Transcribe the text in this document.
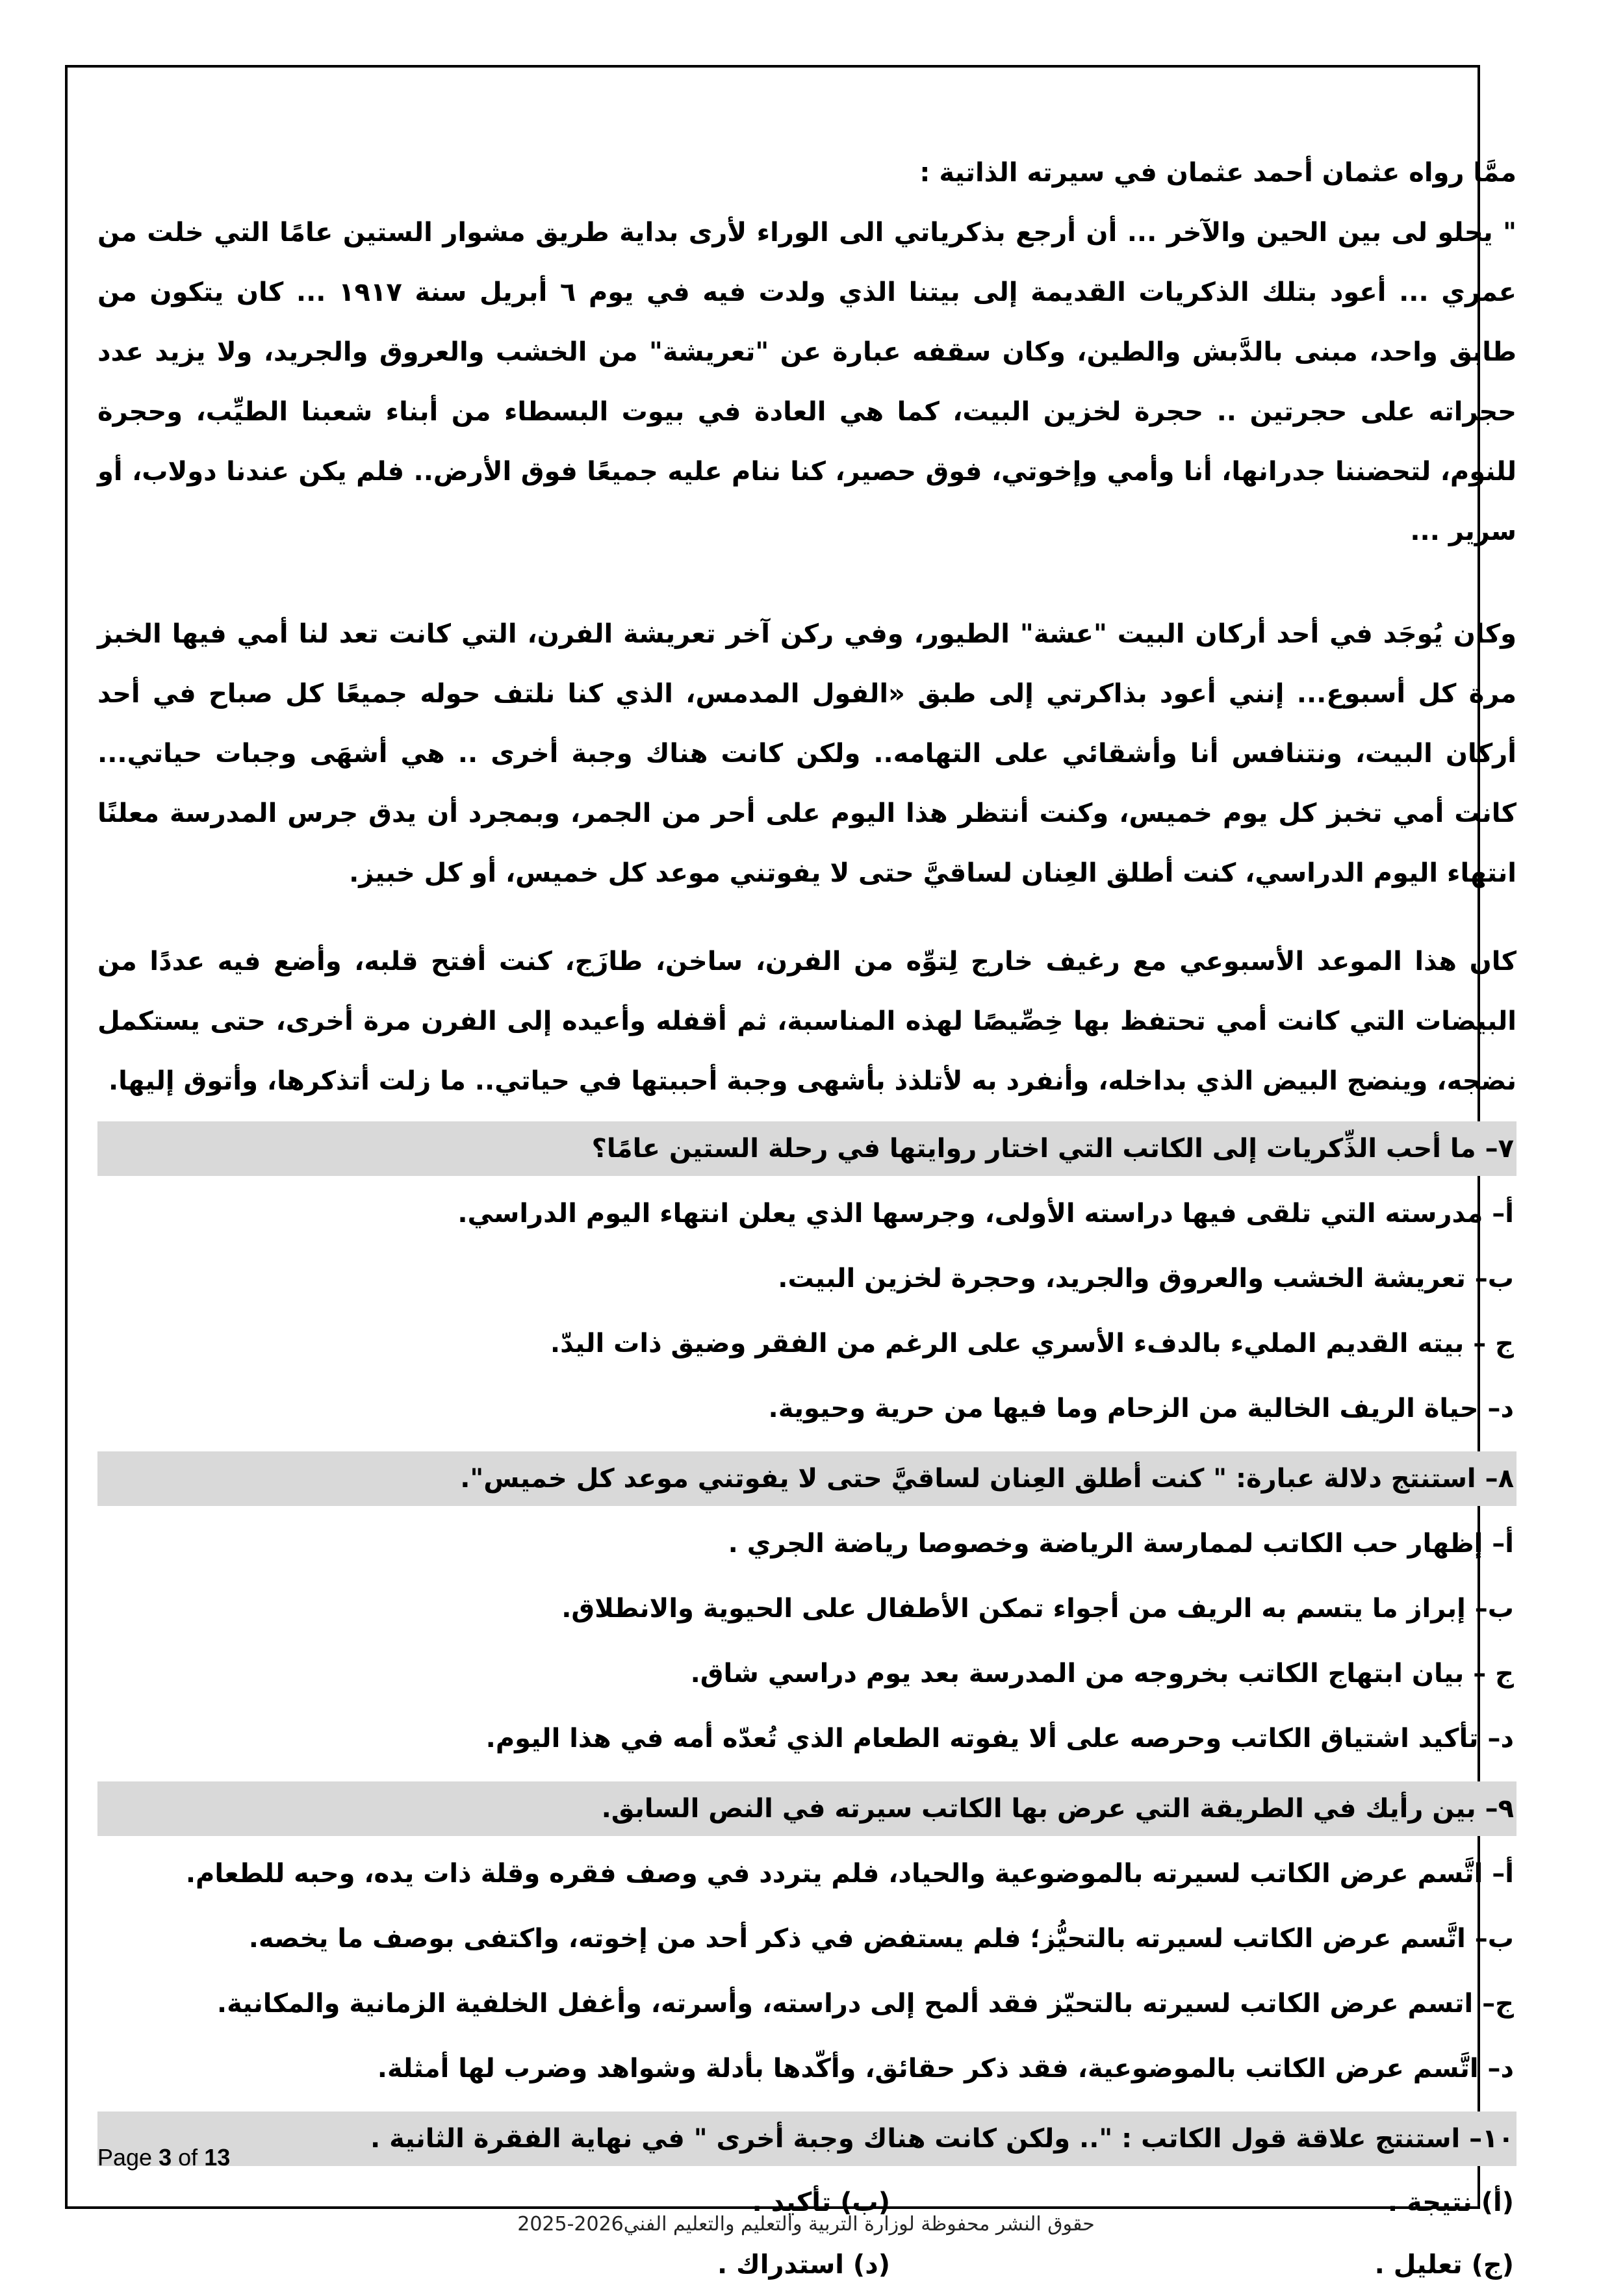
ممَّا رواه عثمان أحمد عثمان في سيرته الذاتية :

" يحلو لى بين الحين والآخر ... أن أرجع بذكرياتي الى الوراء لأرى بداية طريق مشوار الستين عامًا التي خلت من عمري ... أعود بتلك الذكريات القديمة إلى بيتنا الذي ولدت فيه في يوم ٦ أبريل سنة ١٩١٧ ... كان يتكون من طابق واحد، مبنى بالدَّبش والطين، وكان سقفه عبارة عن "تعريشة" من الخشب والعروق والجريد، ولا يزيد عدد حجراته على حجرتين .. حجرة لخزين البيت، كما هي العادة في بيوت البسطاء من أبناء شعبنا الطيِّب، وحجرة للنوم، لتحضننا جدرانها، أنا وأمي وإخوتي، فوق حصير، كنا ننام عليه جميعًا فوق الأرض.. فلم يكن عندنا دولاب، أو سرير ...

وكان يُوجَد في أحد أركان البيت "عشة" الطيور، وفي ركن آخر تعريشة الفرن، التي كانت تعد لنا أمي فيها الخبز مرة كل أسبوع... إنني أعود بذاكرتي إلى طبق «الفول المدمس، الذي كنا نلتف حوله جميعًا كل صباح في أحد أركان البيت، ونتنافس أنا وأشقائي على التهامه.. ولكن كانت هناك وجبة أخرى .. هي أشهَى وجبات حياتي... كانت أمي تخبز كل يوم خميس، وكنت أنتظر هذا اليوم على أحر من الجمر، وبمجرد أن يدق جرس المدرسة معلنًا انتهاء اليوم الدراسي، كنت أطلق العِنان لساقيَّ حتى لا يفوتني موعد كل خميس، أو كل خبيز.

كان هذا الموعد الأسبوعي مع رغيف خارج لِتوِّه من الفرن، ساخن، طازَج، كنت أفتح قلبه، وأضع فيه عددًا من البيضات التي كانت أمي تحتفظ بها خِصِّيصًا لهذه المناسبة، ثم أقفله وأعيده إلى الفرن مرة أخرى، حتى يستكمل نضجه، وينضج البيض الذي بداخله، وأنفرد به لأتلذذ بأشهى وجبة أحببتها في حياتي.. ما زلت أتذكرها، وأتوق إليها.

٧– ما أحب الذِّكريات إلى الكاتب التي اختار روايتها في رحلة الستين عامًا؟
أ– مدرسته التي تلقى فيها دراسته الأولى، وجرسها الذي يعلن انتهاء اليوم الدراسي.
ب– تعريشة الخشب والعروق والجريد، وحجرة لخزين البيت.
ج – بيته القديم المليء بالدفء الأسري على الرغم من الفقر وضيق ذات اليدّ.
د– حياة الريف الخالية من الزحام وما فيها من حرية وحيوية.
٨– استنتج دلالة عبارة: " كنت أطلق العِنان لساقيَّ حتى لا يفوتني موعد كل خميس".
أ– إظهار حب الكاتب لممارسة الرياضة وخصوصا رياضة الجري .
ب– إبراز ما يتسم به الريف من أجواء تمكن الأطفال على الحيوية والانطلاق.
ج – بيان ابتهاج الكاتب بخروجه من المدرسة بعد يوم دراسي شاق.
د– تأكيد اشتياق الكاتب وحرصه على ألا يفوته الطعام الذي تُعدّه أمه في هذا اليوم.
٩– بين رأيك في الطريقة التي عرض بها الكاتب سيرته في النص السابق.
أ– اتَّسم عرض الكاتب لسيرته بالموضوعية والحياد، فلم يتردد في وصف فقره وقلة ذات يده، وحبه للطعام.
ب– اتَّسم عرض الكاتب لسيرته بالتحيُّز؛ فلم يستفض في ذكر أحد من إخوته، واكتفى بوصف ما يخصه.
ج– اتسم عرض الكاتب لسيرته بالتحيّز فقد ألمح إلى دراسته، وأسرته، وأغفل الخلفية الزمانية والمكانية.
د– اتَّسم عرض الكاتب بالموضوعية، فقد ذكر حقائق، وأكّدها بأدلة وشواهد وضرب لها أمثلة.
١٠– استنتج علاقة قول الكاتب : ".. ولكن كانت هناك وجبة أخرى " في نهاية الفقرة الثانية .
(أ) نتيجة .
(ب) تأكيد .
(ج) تعليل .
(د) استدراك .
Page 3 of 13
حقوق النشر محفوظة لوزارة التربية والتعليم والتعليم الفني2026-2025
